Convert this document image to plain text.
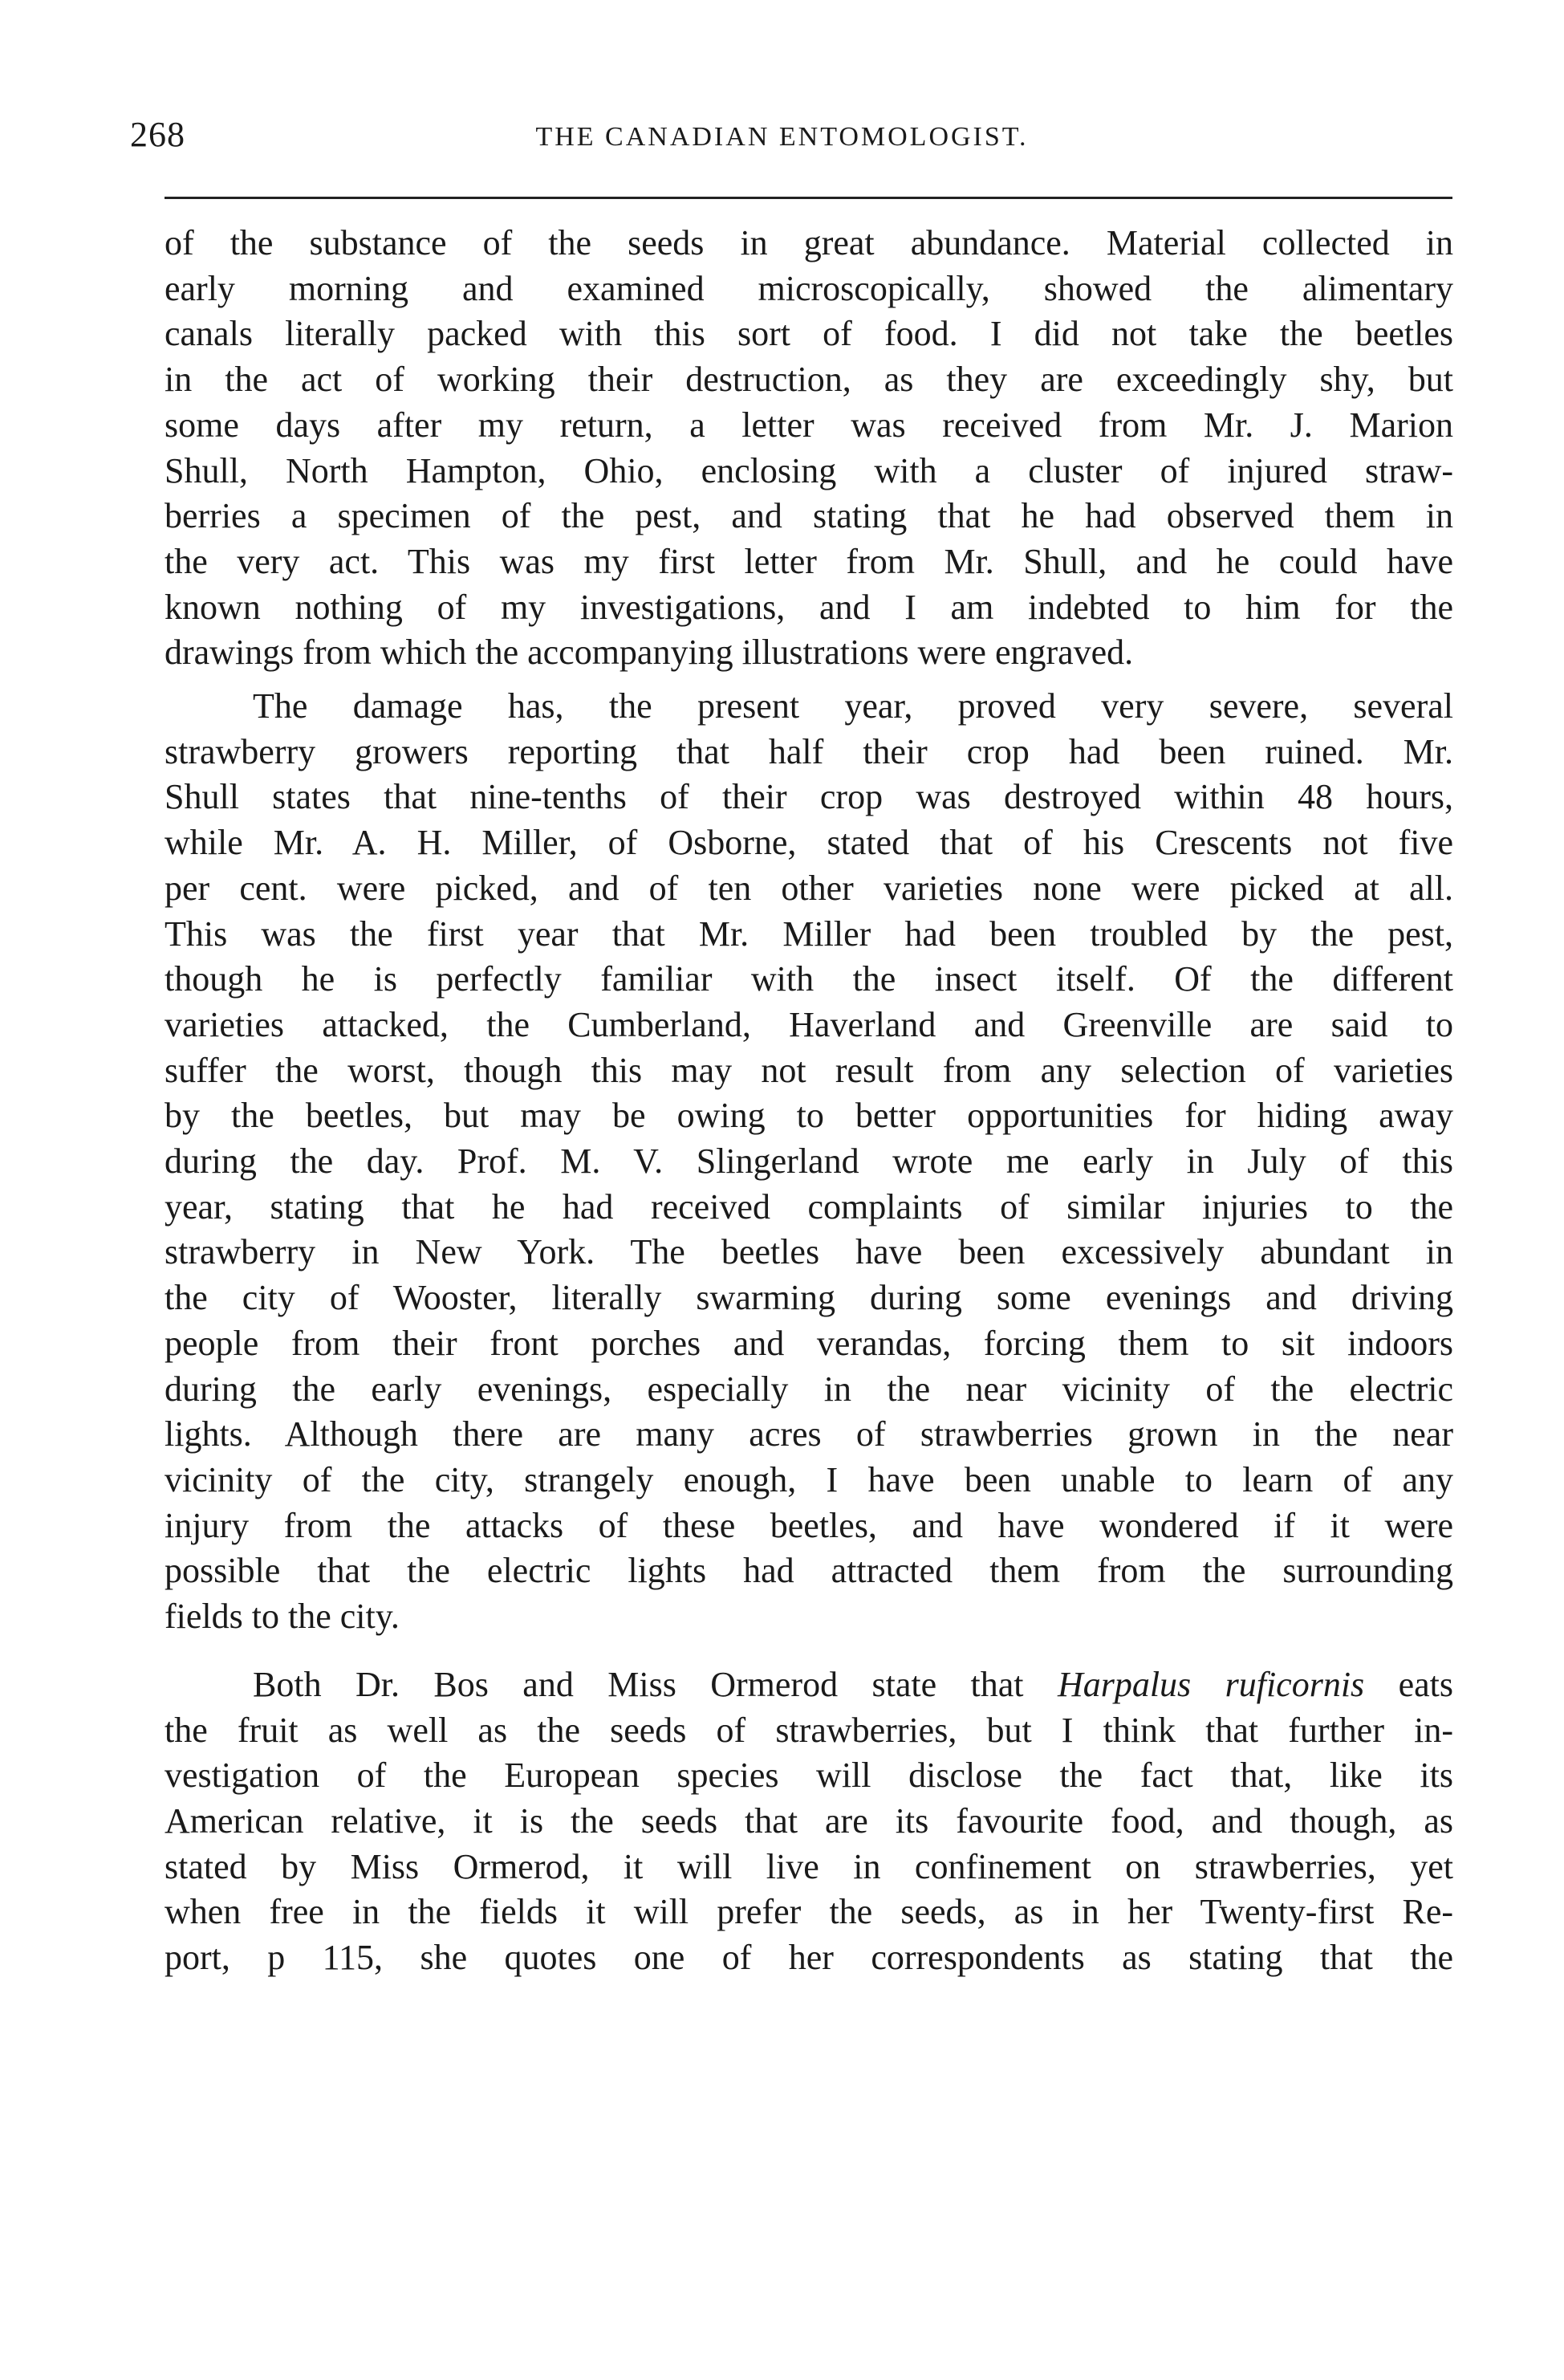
268	THE CANADIAN ENTOMOLOGIST.
of the substance of the seeds in great abundance. Material collected in
early morning and examined microscopically, showed the alimentary
canals literally packed with this sort of food. I did not take the beetles
in the act of working their destruction, as they are exceedingly shy, but
some days after my return, a letter was received from Mr. J. Marion
Shull, North Hampton, Ohio, enclosing with a cluster of injured straw-
berries a specimen of the pest, and stating that he had observed them in
the very act. This was my first letter from Mr. Shull, and he could have
known nothing of my investigations, and I am indebted to him for the
drawings from which the accompanying illustrations were engraved.
The damage has, the present year, proved very severe, several
strawberry growers reporting that half their crop had been ruined. Mr.
Shull states that nine-tenths of their crop was destroyed within 48 hours,
while Mr. A. H. Miller, of Osborne, stated that of his Crescents not five
per cent. were picked, and of ten other varieties none were picked at all.
This was the first year that Mr. Miller had been troubled by the pest,
though he is perfectly familiar with the insect itself. Of the different
varieties attacked, the Cumberland, Haverland and Greenville are said to
suffer the worst, though this may not result from any selection of varieties
by the beetles, but may be owing to better opportunities for hiding away
during the day. Prof. M. V. Slingerland wrote me early in July of this
year, stating that he had received complaints of similar injuries to the
strawberry in New York. The beetles have been excessively abundant in
the city of Wooster, literally swarming during some evenings and driving
people from their front porches and verandas, forcing them to sit indoors
during the early evenings, especially in the near vicinity of the electric
lights. Although there are many acres of strawberries grown in the near
vicinity of the city, strangely enough, I have been unable to learn of any
injury from the attacks of these beetles, and have wondered if it were
possible that the electric lights had attracted them from the surrounding
fields to the city.
Both Dr. Bos and Miss Ormerod state that Harpalus ruficornis eats
the fruit as well as the seeds of strawberries, but I think that further in-
vestigation of the European species will disclose the fact that, like its
American relative, it is the seeds that are its favourite food, and though, as
stated by Miss Ormerod, it will live in confinement on strawberries, yet
when free in the fields it will prefer the seeds, as in her Twenty-first Re-
port, p 115, she quotes one of her correspondents as stating that the
